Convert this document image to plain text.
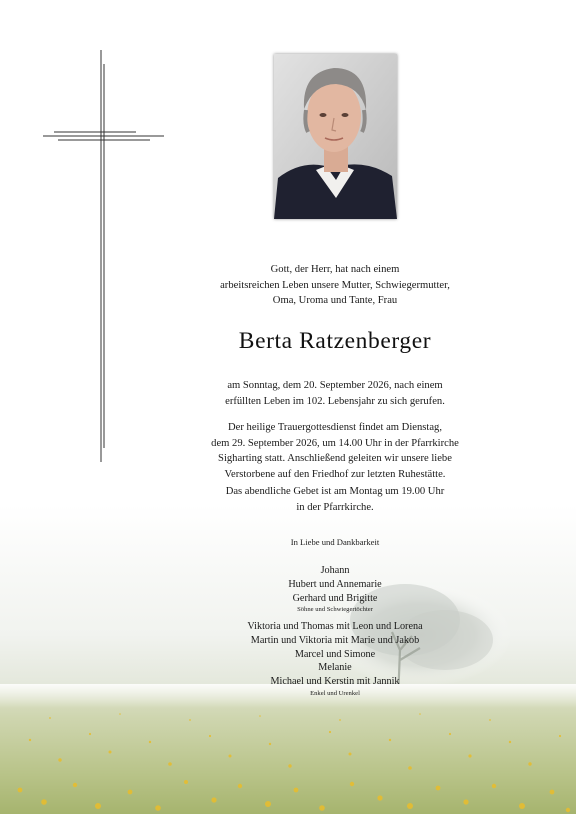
Gott, der Herr, hat nach einem
arbeitsreichen Leben unsere Mutter, Schwiegermutter,
Oma, Uroma und Tante, Frau
Berta Ratzenberger
am Sonntag, dem 20. September 2026, nach einem
erfüllten Leben im 102. Lebensjahr zu sich gerufen.
Der heilige Trauergottesdienst findet am Dienstag,
dem 29. September 2026, um 14.00 Uhr in der Pfarrkirche
Sigharting statt. Anschließend geleiten wir unsere liebe
Verstorbene auf den Friedhof zur letzten Ruhestätte.
Das abendliche Gebet ist am Montag um 19.00 Uhr
in der Pfarrkirche.
In Liebe und Dankbarkeit
Johann
Hubert und Annemarie
Gerhard und Brigitte
Söhne und Schwiegertöchter
Viktoria und Thomas mit Leon und Lorena
Martin und Viktoria mit Marie und Jakob
Marcel und Simone
Melanie
Michael und Kerstin mit Jannik
Enkel und Urenkel
